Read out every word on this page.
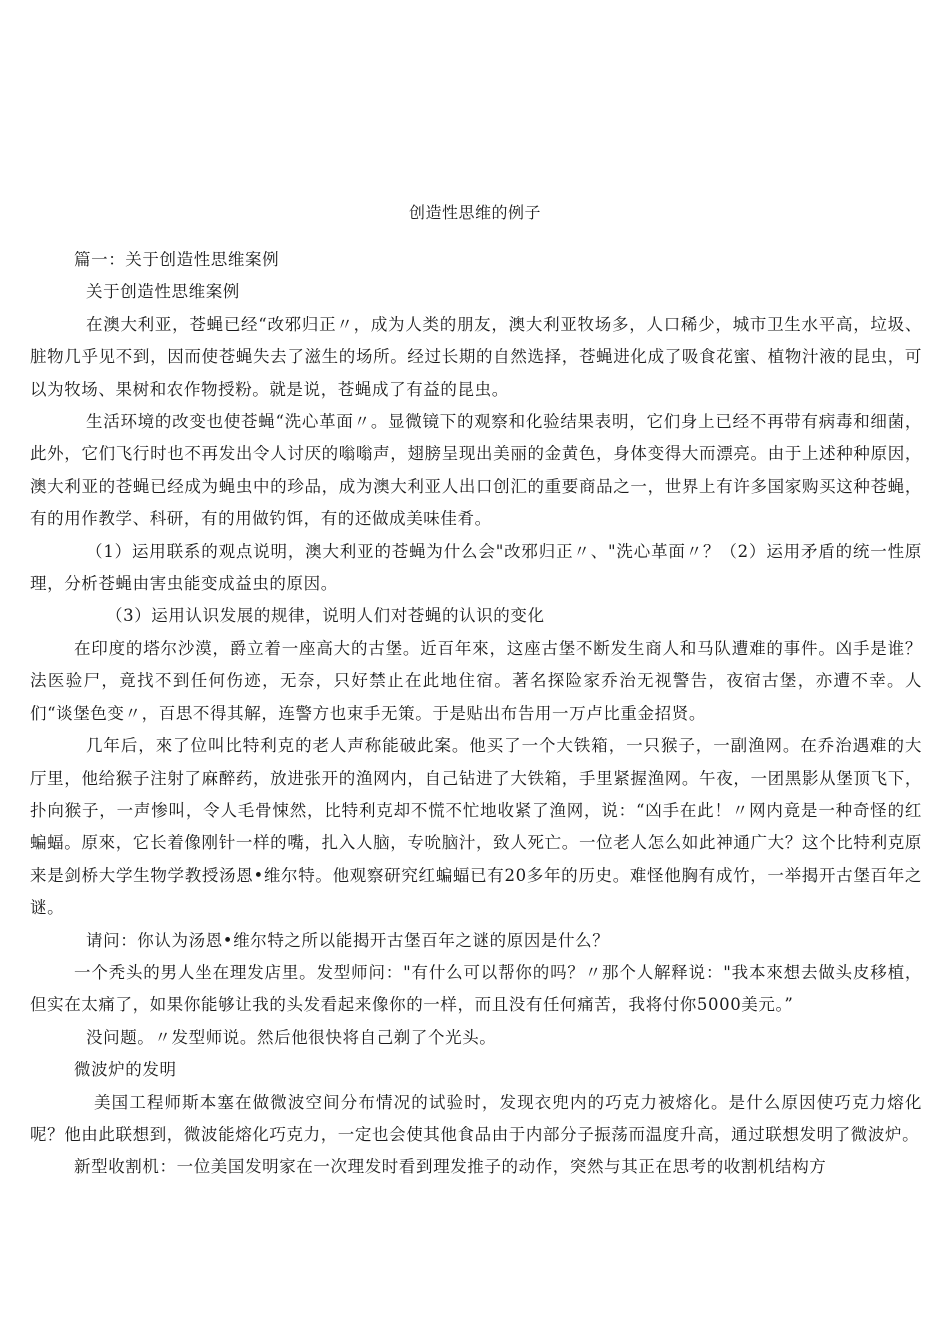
创造性思维的例子

篇一：关于创造性思维案例

关于创造性思维案例

在澳大利亚，苍蝇已经“改邪归正〃，成为人类的朋友，澳大利亚牧场多，人口稀少，城市卫生水平高，垃圾、脏物几乎见不到，因而使苍蝇失去了滋生的场所。经过长期的自然选择，苍蝇进化成了吸食花蜜、植物汁液的昆虫，可以为牧场、果树和农作物授粉。就是说，苍蝇成了有益的昆虫。

生活环境的改变也使苍蝇“洗心革面〃。显微镜下的观察和化验结果表明，它们身上已经不再带有病毒和细菌，此外，它们飞行时也不再发出令人讨厌的嗡嗡声，翅膀呈现出美丽的金黄色，身体变得大而漂亮。由于上述种种原因，澳大利亚的苍蝇已经成为蝇虫中的珍品，成为澳大利亚人出口创汇的重要商品之一，世界上有许多国家购买这种苍蝇，有的用作教学、科研，有的用做钓饵，有的还做成美味佳肴。

（1）运用联系的观点说明，澳大利亚的苍蝇为什么会"改邪归正〃、"洗心革面〃？（2）运用矛盾的统一性原理，分析苍蝇由害虫能变成益虫的原因。

（3）运用认识发展的规律，说明人们对苍蝇的认识的变化

在印度的塔尔沙漠，爵立着一座高大的古堡。近百年來，这座古堡不断发生商人和马队遭难的事件。凶手是谁？法医验尸，竟找不到任何伤迹，无奈，只好禁止在此地住宿。著名探险家乔治无视警告，夜宿古堡，亦遭不幸。人们“谈堡色变〃，百思不得其解，连警方也束手无策。于是贴出布告用一万卢比重金招贤。

几年后，來了位叫比特利克的老人声称能破此案。他买了一个大铁箱，一只猴子，一副渔网。在乔治遇难的大厅里，他给猴子注射了麻醉药，放进张开的渔网内，自己钻进了大铁箱，手里紧握渔网。午夜，一团黑影从堡顶飞下，扑向猴子，一声惨叫，令人毛骨悚然，比特利克却不慌不忙地收紧了渔网，说：“凶手在此！〃网内竟是一种奇怪的红蝙蝠。原來，它长着像刚针一样的嘴，扎入人脑，专吮脑汁，致人死亡。一位老人怎么如此神通广大？这个比特利克原来是剑桥大学生物学教授汤恩•维尔特。他观察研究红蝙蝠已有20多年的历史。难怪他胸有成竹，一举揭开古堡百年之谜。

请问：你认为汤恩•维尔特之所以能揭开古堡百年之谜的原因是什么？

一个秃头的男人坐在理发店里。发型师问："有什么可以帮你的吗？〃那个人解释说："我本來想去做头皮移植，但实在太痛了，如果你能够让我的头发看起来像你的一样，而且没有任何痛苦，我将付你5000美元。”

没问题。〃发型师说。然后他很快将自己剃了个光头。

微波炉的发明

美国工程师斯本塞在做微波空间分布情况的试验时，发现衣兜内的巧克力被熔化。是什么原因使巧克力熔化呢？他由此联想到，微波能熔化巧克力，一定也会使其他食品由于内部分子振荡而温度升高，通过联想发明了微波炉。

新型收割机：一位美国发明家在一次理发时看到理发推子的动作，突然与其正在思考的收割机结构方
